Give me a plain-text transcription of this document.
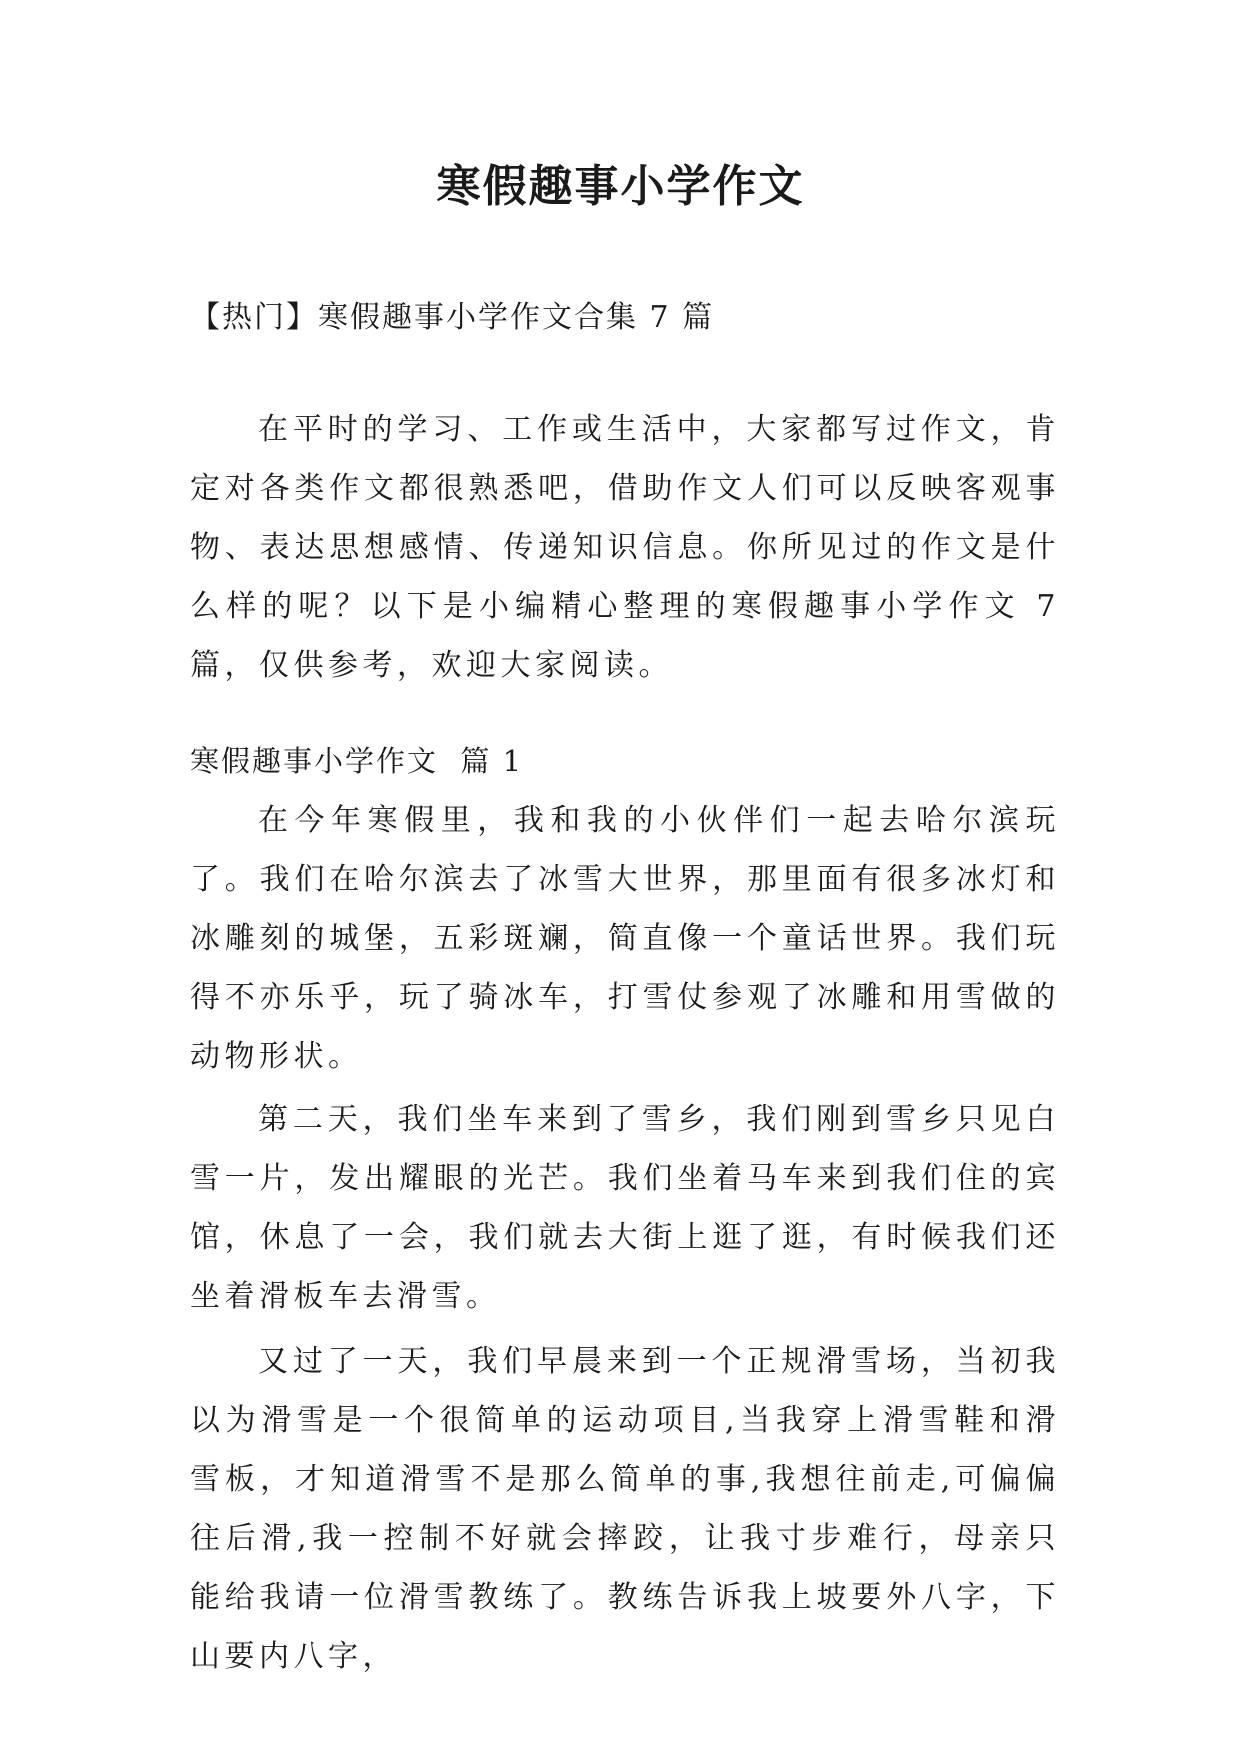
寒假趣事小学作文

【热门】寒假趣事小学作文合集 7 篇

在平时的学习、工作或生活中，大家都写过作文，肯定对各类作文都很熟悉吧，借助作文人们可以反映客观事物、表达思想感情、传递知识信息。你所见过的作文是什么样的呢？以下是小编精心整理的寒假趣事小学作文 7 篇，仅供参考，欢迎大家阅读。

寒假趣事小学作文  篇 1

在今年寒假里，我和我的小伙伴们一起去哈尔滨玩了。我们在哈尔滨去了冰雪大世界，那里面有很多冰灯和冰雕刻的城堡，五彩斑斓，简直像一个童话世界。我们玩得不亦乐乎，玩了骑冰车，打雪仗参观了冰雕和用雪做的动物形状。

第二天，我们坐车来到了雪乡，我们刚到雪乡只见白雪一片，发出耀眼的光芒。我们坐着马车来到我们住的宾馆，休息了一会，我们就去大街上逛了逛，有时候我们还坐着滑板车去滑雪。

又过了一天，我们早晨来到一个正规滑雪场，当初我以为滑雪是一个很简单的运动项目,当我穿上滑雪鞋和滑雪板，才知道滑雪不是那么简单的事,我想往前走,可偏偏往后滑,我一控制不好就会摔跤，让我寸步难行，母亲只能给我请一位滑雪教练了。教练告诉我上坡要外八字，下山要内八字，
